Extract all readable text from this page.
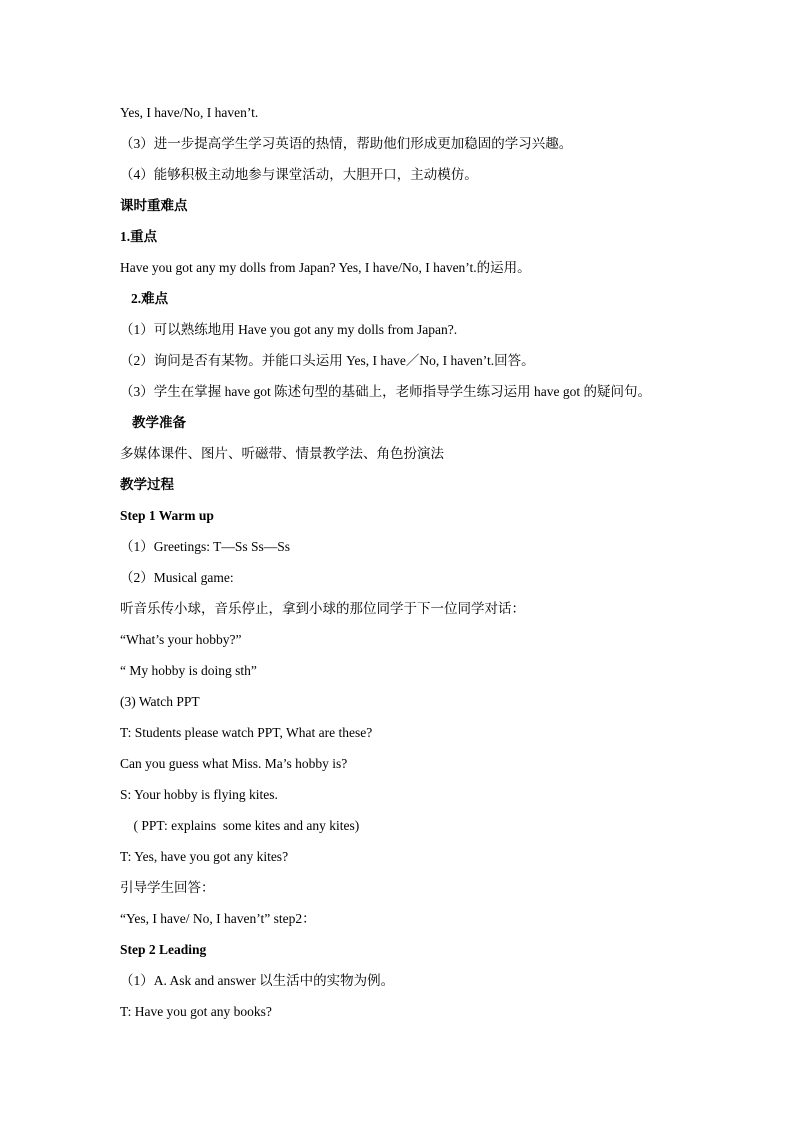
Yes, I have/No, I haven’t.
（3）进一步提高学生学习英语的热情，帮助他们形成更加稳固的学习兴趣。
（4）能够积极主动地参与课堂活动，大胆开口，主动模仿。
课时重难点
1.重点
Have you got any my dolls from Japan? Yes, I have/No, I haven’t.的运用。
2.难点
（1）可以熟练地用 Have you got any my dolls from Japan?.
（2）询问是否有某物。并能口头运用 Yes, I have／No, I haven’t.回答。
（3）学生在掌握 have got 陈述句型的基础上，老师指导学生练习运用 have got 的疑问句。
教学准备
多媒体课件、图片、听磁带、情景教学法、角色扮演法
教学过程
Step 1 Warm up
（1）Greetings: T—Ss Ss—Ss
（2）Musical game:
听音乐传小球，音乐停止，拿到小球的那位同学于下一位同学对话：
“What’s your hobby?”
“ My hobby is doing sth”
(3) Watch PPT
T: Students please watch PPT, What are these?
Can you guess what Miss. Ma’s hobby is?
S: Your hobby is flying kites.
( PPT: explains  some kites and any kites)
T: Yes, have you got any kites?
引导学生回答：
“Yes, I have/ No, I haven’t” step2：
Step 2 Leading
（1）A. Ask and answer 以生活中的实物为例。
T: Have you got any books?
